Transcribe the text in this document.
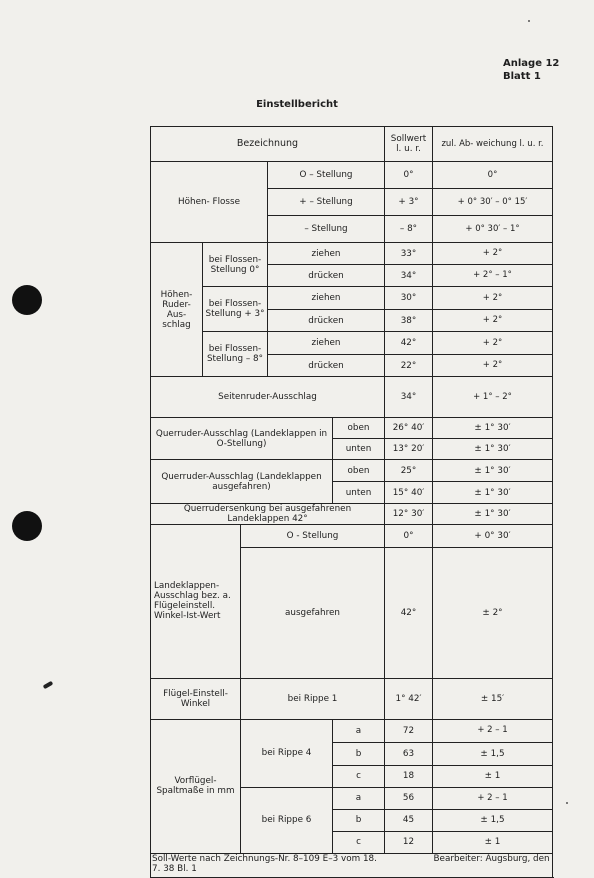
Anlage 12
Blatt 1
Einstellbericht
Bezeichnung					Sollwert l. u. r.	zul. Ab- weichung l. u. r.	
Höhen- Flosse			O – Stellung		0°	0°	
			+ – Stellung		+ 3°	+ 0° 30′ – 0° 15′	
			– Stellung		– 8°	+ 0° 30′ – 1°	
Höhen- Ruder- Aus- schlag	bei Flossen- Stellung 0°		ziehen		33°	+ 2°	
			drücken		34°	+ 2° – 1°	
	bei Flossen- Stellung + 3°		ziehen		30°	+ 2°	
			drücken		38°	+ 2°	
	bei Flossen- Stellung – 8°		ziehen		42°	+ 2°	
			drücken		22°	+ 2°	
Seitenruder-Ausschlag					34°	+ 1° – 2°	
Querruder-Ausschlag (Landeklappen in O-Stellung)				oben	26° 40′	± 1° 30′	
				unten	13° 20′	± 1° 30′	
Querruder-Ausschlag (Landeklappen ausgefahren)				oben	25°	± 1° 30′	
				unten	15° 40′	± 1° 30′	
Querrudersenkung bei ausgefahrenen Landeklappen 42°					12° 30′	± 1° 30′	
Landeklappen- Ausschlag bez. a. Flügeleinstell. Winkel-Ist-Wert		O - Stellung			0°	+ 0° 30′	
		ausgefahren			42°	± 2°	
Flügel-Einstell- Winkel		bei Rippe 1			1° 42′	± 15′	
Vorflügel- Spaltmaße in mm		bei Rippe 4		a	72	+ 2 – 1	

				b	63	± 1,5	
				c	18	± 1	
		bei Rippe 6		a	56	+ 2 – 1	
				b	45	± 1,5	
				c	12	± 1	
Soll-Werte nach Zeichnungs-Nr. 8–109 E–3 vom 18. 7. 38 Bl. 1						Bearbeiter: Augsburg, den	
